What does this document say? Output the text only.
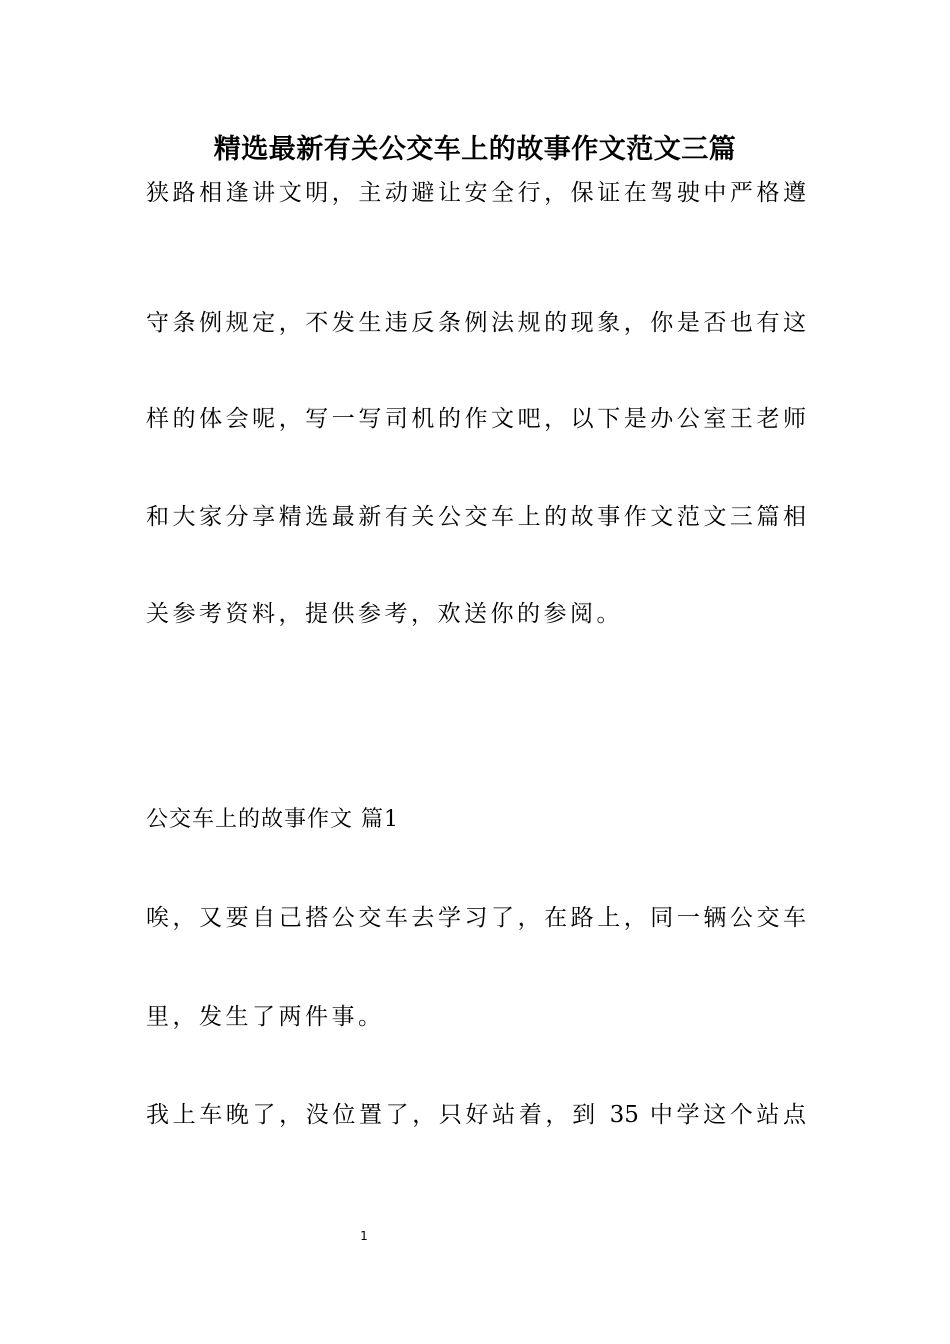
精选最新有关公交车上的故事作文范文三篇
狭路相逢讲文明，主动避让安全行，保证在驾驶中严格遵
守条例规定，不发生违反条例法规的现象，你是否也有这
样的体会呢，写一写司机的作文吧，以下是办公室王老师
和大家分享精选最新有关公交车上的故事作文范文三篇相
关参考资料，提供参考，欢送你的参阅。
公交车上的故事作文 篇1
唉，又要自己搭公交车去学习了，在路上，同一辆公交车
里，发生了两件事。
我上车晚了，没位置了，只好站着，到 35 中学这个站点
1
